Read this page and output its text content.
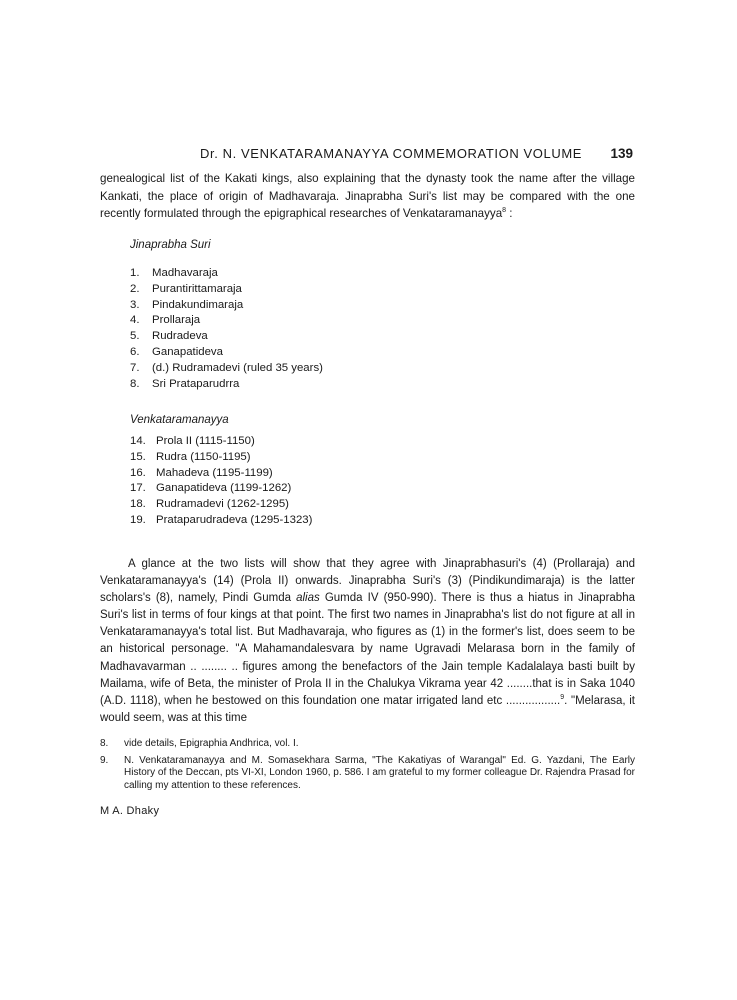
Dr. N. VENKATARAMANAYYA COMMEMORATION VOLUME 139

genealogical list of the Kakati kings, also explaining that the dynasty took the name after the village Kankati, the place of origin of Madhavaraja. Jinaprabha Suri's list may be compared with the one recently formulated through the epigraphical researches of Venkataramanayya$^8$ :

Jinaprabha Suri
1. Madhavaraja
2. Purantirittamaraja
3. Pindakundimaraja
4. Prollaraja
5. Rudradeva
6. Ganapatideva
7. (d.) Rudramadevi (ruled 35 years)
8. Sri Prataparudrra
Venkataramanayya
14. Prola II (1115-1150)
15. Rudra (1150-1195)
16. Mahadeva (1195-1199)
17. Ganapatideva (1199-1262)
18. Rudramadevi (1262-1295)
19. Prataparudradeva (1295-1323)

A glance at the two lists will show that they agree with Jinaprabhasuri's (4) (Prollaraja) and Venkataramanayya's (14) (Prola II) onwards. Jinaprabha Suri's (3) (Pindikundimaraja) is the latter scholars's (8), namely, Pindi Gumda alias Gumda IV (950-990). There is thus a hiatus in Jinaprabha Suri's list in terms of four kings at that point. The first two names in Jinaprabha's list do not figure at all in Venkataramanayya's total list. But Madhavaraja, who figures as (1) in the former's list, does seem to be an historical personage. "A Mahamandalesvara by name Ugravadi Melarasa born in the family of Madhavavarman .. ........ .. figures among the benefactors of the Jain temple Kadalalaya basti built by Mailama, wife of Beta, the minister of Prola II in the Chalukya Vikrama year 42 ........that is in Saka 1040 (A.D. 1118), when he bestowed on this foundation one matar irrigated land etc .................$^9$. "Melarasa, it would seem, was at this time

8. vide details, Epigraphia Andhrica, vol. I.
9. N. Venkataramanayya and M. Somasekhara Sarma, "The Kakatiyas of Warangal" Ed. G. Yazdani, The Early History of the Deccan, pts VI-XI, London 1960, p. 586. I am grateful to my former colleague Dr. Rajendra Prasad for calling my attention to these references.
M A. Dhaky
